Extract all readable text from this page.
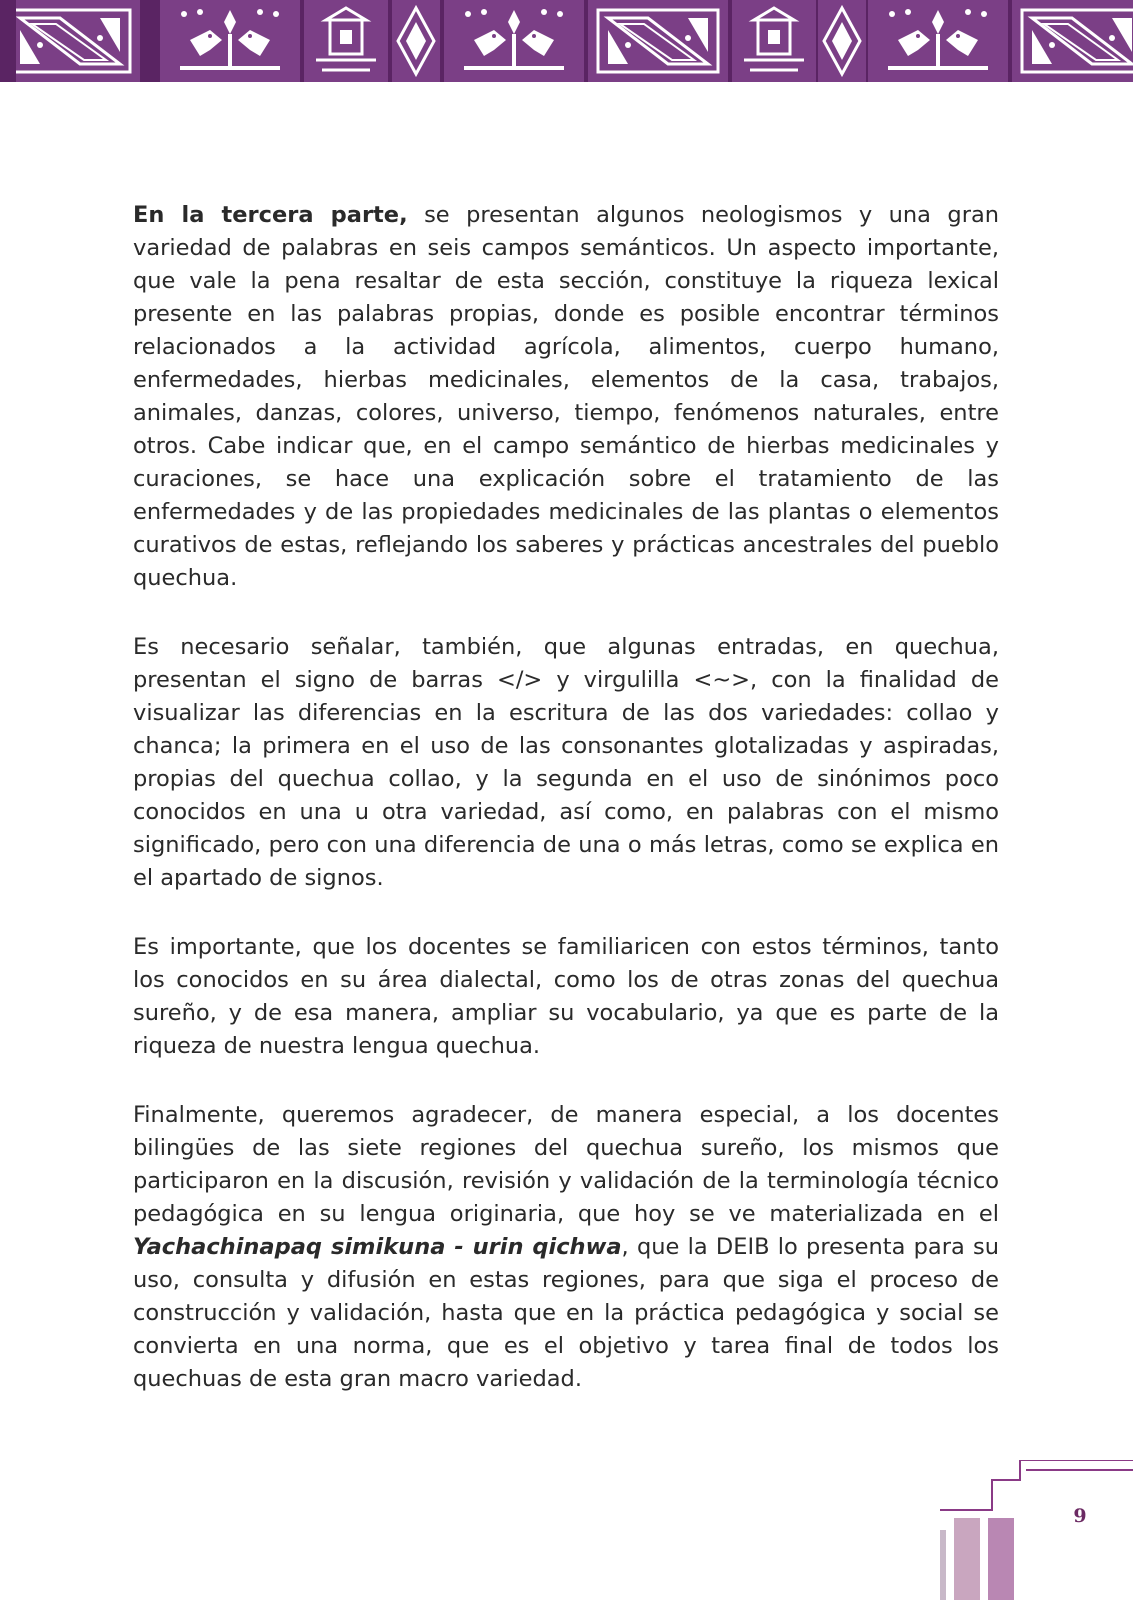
En la tercera parte, se presentan algunos neologismos y una gran variedad de palabras en seis campos semánticos. Un aspecto importante, que vale la pena resaltar de esta sección, constituye la riqueza lexical presente en las palabras propias, donde es posible encontrar términos relacionados a la actividad agrícola, alimentos, cuerpo humano, enfermedades, hierbas medicinales, elementos de la casa, trabajos, animales, danzas, colores, universo, tiempo, fenómenos naturales, entre otros. Cabe indicar que, en el campo semántico de hierbas medicinales y curaciones, se hace una explicación sobre el tratamiento de las enfermedades y de las propiedades medicinales de las plantas o elementos curativos de estas, reflejando los saberes y prácticas ancestrales del pueblo quechua.

Es necesario señalar, también, que algunas entradas, en quechua, presentan el signo de barras </> y virgulilla <~>, con la finalidad de visualizar las diferencias en la escritura de las dos variedades: collao y chanca; la primera en el uso de las consonantes glotalizadas y aspiradas, propias del quechua collao, y la segunda en el uso de sinónimos poco conocidos en una u otra variedad, así como, en palabras con el mismo significado, pero con una diferencia de una o más letras, como se explica en el apartado de signos.

Es importante, que los docentes se familiaricen con estos términos, tanto los conocidos en su área dialectal, como los de otras zonas del quechua sureño, y de esa manera, ampliar su vocabulario, ya que es parte de la riqueza de nuestra lengua quechua.

Finalmente, queremos agradecer, de manera especial, a los docentes bilingües de las siete regiones del quechua sureño, los mismos que participaron en la discusión, revisión y validación de la terminología técnico pedagógica en su lengua originaria, que hoy se ve materializada en el Yachachinapaq simikuna - urin qichwa, que la DEIB lo presenta para su uso, consulta y difusión en estas regiones, para que siga el proceso de construcción y validación, hasta que en la práctica pedagógica y social se convierta en una norma, que es el objetivo y tarea final de todos los quechuas de esta gran macro variedad.

9
